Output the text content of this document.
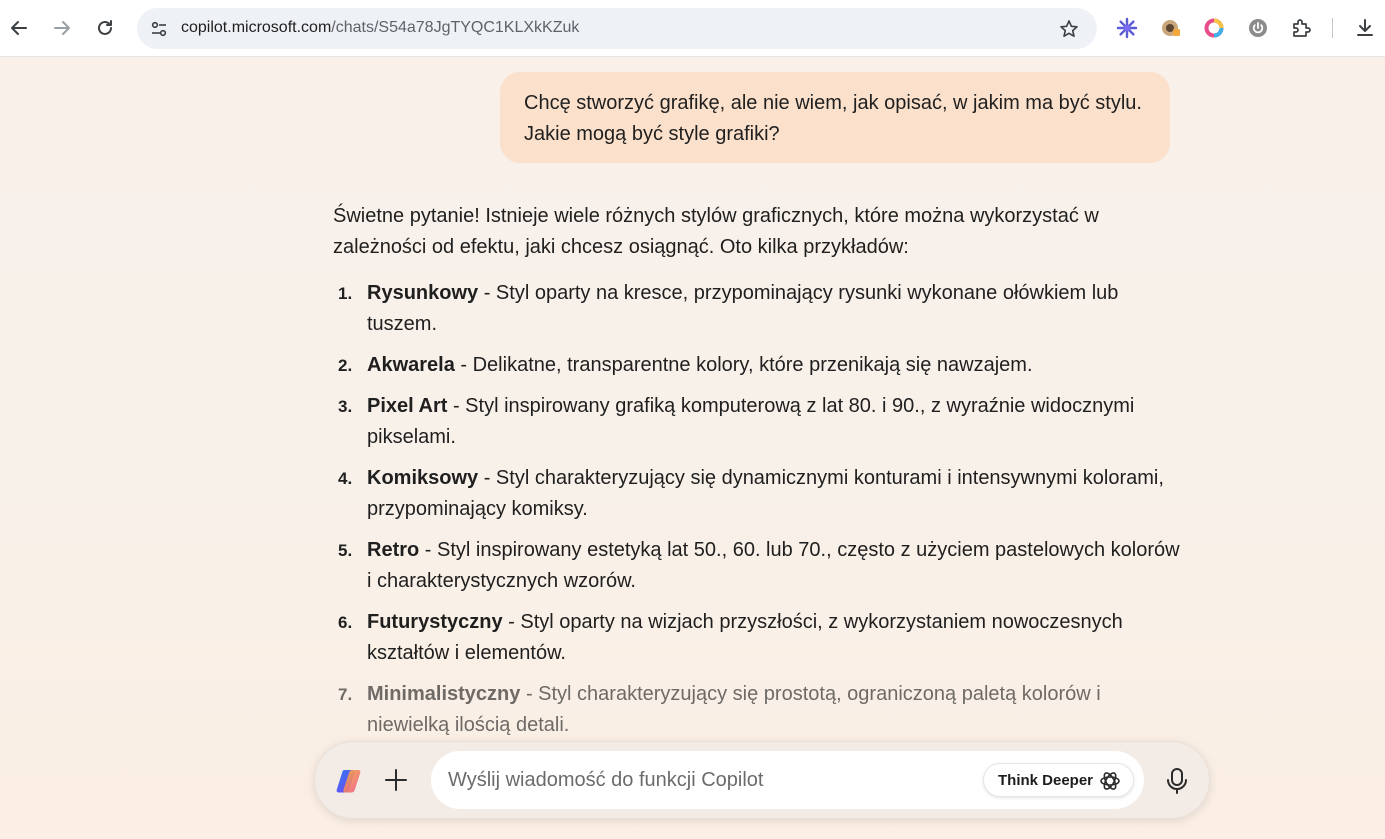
copilot.microsoft.com/chats/S54a78JgTYQC1KLXkKZuk
Chcę stworzyć grafikę, ale nie wiem, jak opisać, w jakim ma być stylu. Jakie mogą być style grafiki?

Świetne pytanie! Istnieje wiele różnych stylów graficznych, które można wykorzystać w zależności od efektu, jaki chcesz osiągnąć. Oto kilka przykładów:

1. Rysunkowy - Styl oparty na kresce, przypominający rysunki wykonane ołówkiem lub tuszem.
2. Akwarela - Delikatne, transparentne kolory, które przenikają się nawzajem.
3. Pixel Art - Styl inspirowany grafiką komputerową z lat 80. i 90., z wyraźnie widocznymi pikselami.
4. Komiksowy - Styl charakteryzujący się dynamicznymi konturami i intensywnymi kolorami, przypominający komiksy.
5. Retro - Styl inspirowany estetyką lat 50., 60. lub 70., często z użyciem pastelowych kolorów i charakterystycznych wzorów.
6. Futurystyczny - Styl oparty na wizjach przyszłości, z wykorzystaniem nowoczesnych kształtów i elementów.
7. Minimalistyczny - Styl charakteryzujący się prostotą, ograniczoną paletą kolorów i niewielką ilością detali.
Wyślij wiadomość do funkcji Copilot
Think Deeper
